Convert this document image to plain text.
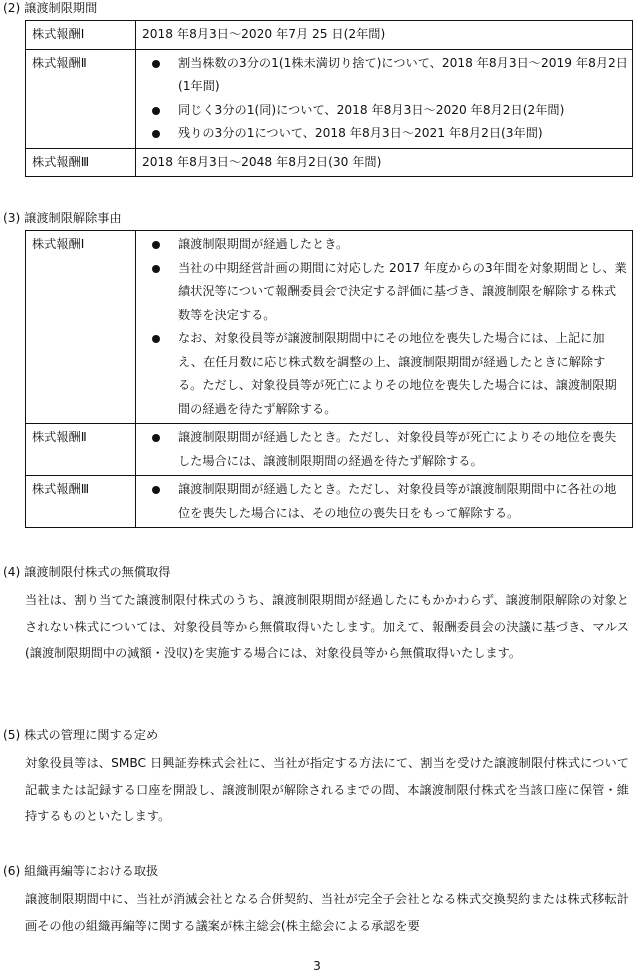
(2) 譲渡制限期間
株式報酬Ⅰ	2018 年8月3日～2020 年7月 25 日(2年間)
株式報酬Ⅱ	割当株数の3分の1(1株未満切り捨て)について、2018 年8月3日～2019 年8月2日(1年間)
同じく3分の1(同)について、2018 年8月3日～2020 年8月2日(2年間)
残りの3分の1について、2018 年8月3日～2021 年8月2日(3年間)

株式報酬Ⅲ	2018 年8月3日～2048 年8月2日(30 年間)
(3) 譲渡制限解除事由
株式報酬Ⅰ	譲渡制限期間が経過したとき。
当社の中期経営計画の期間に対応した 2017 年度からの3年間を対象期間とし、業績状況等について報酬委員会で決定する評価に基づき、譲渡制限を解除する株式数等を決定する。
なお、対象役員等が譲渡制限期間中にその地位を喪失した場合には、上記に加え、在任月数に応じ株式数を調整の上、譲渡制限期間が経過したときに解除する。ただし、対象役員等が死亡によりその地位を喪失した場合には、譲渡制限期間の経過を待たず解除する。

株式報酬Ⅱ	譲渡制限期間が経過したとき。ただし、対象役員等が死亡によりその地位を喪失した場合には、譲渡制限期間の経過を待たず解除する。

株式報酬Ⅲ	譲渡制限期間が経過したとき。ただし、対象役員等が譲渡制限期間中に各社の地位を喪失した場合には、その地位の喪失日をもって解除する。
(4) 譲渡制限付株式の無償取得
当社は、割り当てた譲渡制限付株式のうち、譲渡制限期間が経過したにもかかわらず、譲渡制限解除の対象とされない株式については、対象役員等から無償取得いたします。加えて、報酬委員会の決議に基づき、マルス(譲渡制限期間中の減額・没収)を実施する場合には、対象役員等から無償取得いたします。
(5) 株式の管理に関する定め
対象役員等は、SMBC 日興証券株式会社に、当社が指定する方法にて、割当を受けた譲渡制限付株式について記載または記録する口座を開設し、譲渡制限が解除されるまでの間、本譲渡制限付株式を当該口座に保管・維持するものといたします。
(6) 組織再編等における取扱
譲渡制限期間中に、当社が消滅会社となる合併契約、当社が完全子会社となる株式交換契約または株式移転計画その他の組織再編等に関する議案が株主総会(株主総会による承認を要
3
